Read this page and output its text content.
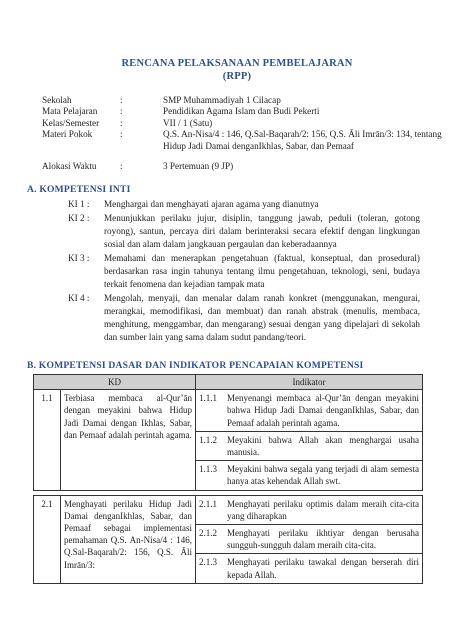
RENCANA PELAKSANAAN PEMBELAJARAN
(RPP)
Sekolah	:	SMP Muhammadiyah 1 Cilacap
Mata Pelajaran :	Pendidikan Agama Islam dan Budi Pekerti
Kelas/Semester :	VII / 1 (Satu)
Materi Pokok	:	Q.S. An-Nisa/4 : 146, Q.Sal-Baqarah/2: 156, Q.S. Āli Imrān/3: 134, tentang Hidup Jadi Damai denganIkhlas, Sabar, dan Pemaaf
Alokasi Waktu	:	3 Pertemuan (9 JP)
A. KOMPETENSI INTI
KI 1 : Menghargai dan menghayati ajaran agama yang dianutnya
KI 2 : Menunjukkan perilaku jujur, disiplin, tanggung jawab, peduli (toleran, gotong royong), santun, percaya diri dalam berinteraksi secara efektif dengan lingkungan sosial dan alam dalam jangkauan pergaulan dan keberadaannya
KI 3 : Memahami dan menerapkan pengetahuan (faktual, konseptual, dan prosedural) berdasarkan rasa ingin tahunya tentang ilmu pengetahuan, teknologi, seni, budaya terkait fenomena dan kejadian tampak mata
KI 4 : Mengolah, menyaji, dan menalar dalam ranah konkret (menggunakan, mengurai, merangkai, memodifikasi, dan membuat) dan ranah abstrak (menulis, membaca, menghitung, menggambar, dan mengarang) sesuai dengan yang dipelajari di sekolah dan sumber lain yang sama dalam sudut pandang/teori.
B. KOMPETENSI DASAR DAN INDIKATOR PENCAPAIAN KOMPETENSI
KD		Indikator	
1.1	Terbiasa membaca al-Qur’ān dengan meyakini bahwa Hidup Jadi Damai dengan Ikhlas, Sabar, dan Pemaaf adalah perintah agama.	1.1.1	Menyenangi membaca al-Qur’ān dengan meyakini bahwa Hidup Jadi Damai denganIkhlas, Sabar, dan Pemaaf adalah perintah agama.
		1.1.2	Meyakini bahwa Allah akan menghargai usaha manusia.
		1.1.3	Meyakini bahwa segala yang terjadi di alam semesta hanya atas kehendak Allah swt.

2.1	Menghayati perilaku Hidup Jadi Damai denganIkhlas, Sabar, dan Pemaaf sebagai implementasi pemahaman Q.S. An-Nisa/4 : 146, Q.Sal-Baqarah/2: 156, Q.S. Āli Imrān/3:	2.1.1	Menghayati perilaku optimis dalam meraih cita-cita yang diharapkan
		2.1.2	Menghayati perilaku ikhtiyar dengan berusaha sungguh-sungguh dalam meraih cita-cita.
		2.1.3	Menghayati perilaku tawakal dengan berserah diri kepada Allah.
